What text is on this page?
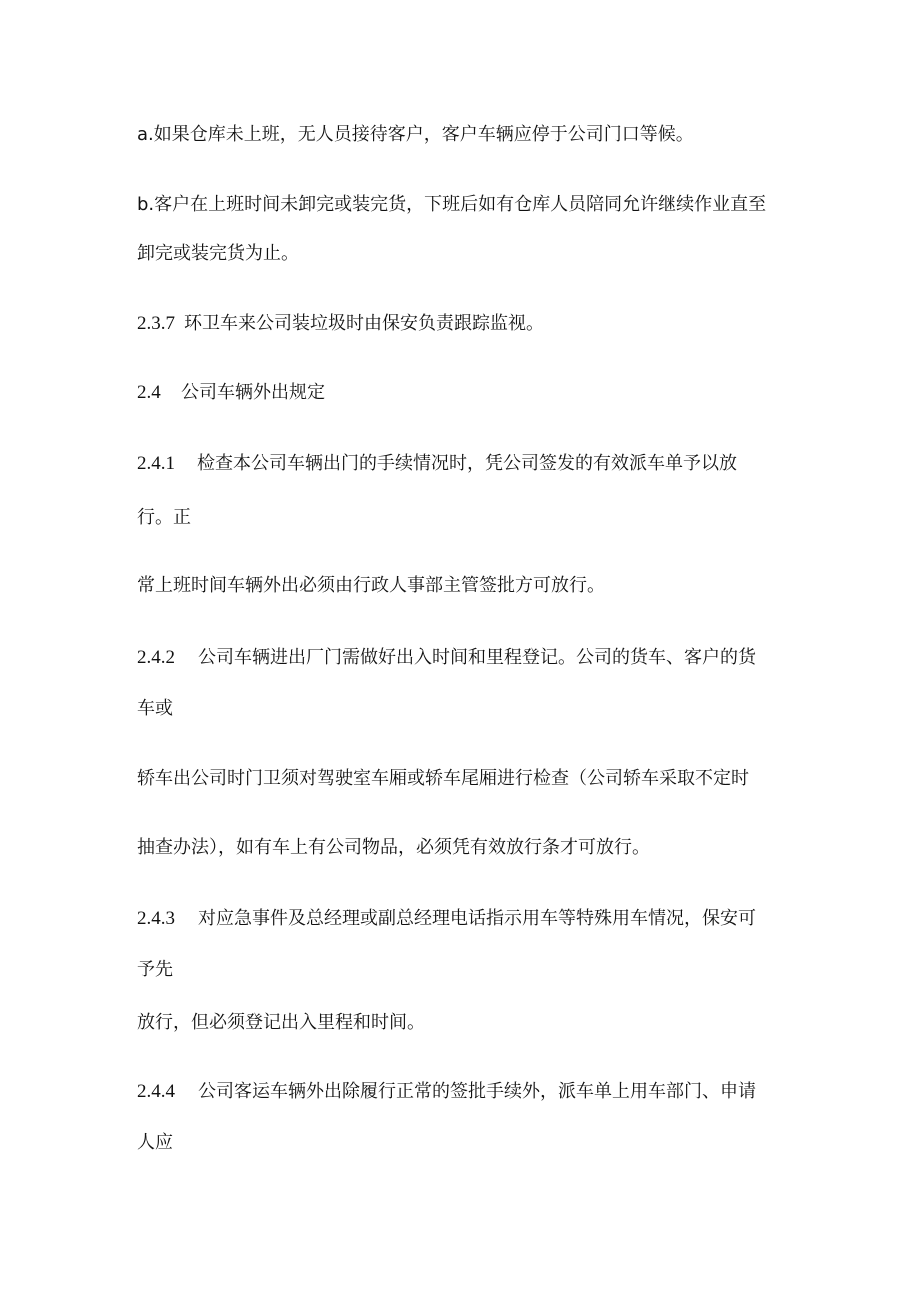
a.如果仓库未上班，无人员接待客户，客户车辆应停于公司门口等候。
b.客户在上班时间未卸完或装完货，下班后如有仓库人员陪同允许继续作业直至
卸完或装完货为止。
2.3.7 环卫车来公司装垃圾时由保安负责跟踪监视。
2.4 公司车辆外出规定
2.4.1 检查本公司车辆出门的手续情况时，凭公司签发的有效派车单予以放
行。正
常上班时间车辆外出必须由行政人事部主管签批方可放行。
2.4.2 公司车辆进出厂门需做好出入时间和里程登记。公司的货车、客户的货
车或
轿车出公司时门卫须对驾驶室车厢或轿车尾厢进行检查（公司轿车采取不定时
抽查办法），如有车上有公司物品，必须凭有效放行条才可放行。
2.4.3 对应急事件及总经理或副总经理电话指示用车等特殊用车情况，保安可
予先
放行，但必须登记出入里程和时间。
2.4.4 公司客运车辆外出除履行正常的签批手续外，派车单上用车部门、申请
人应
